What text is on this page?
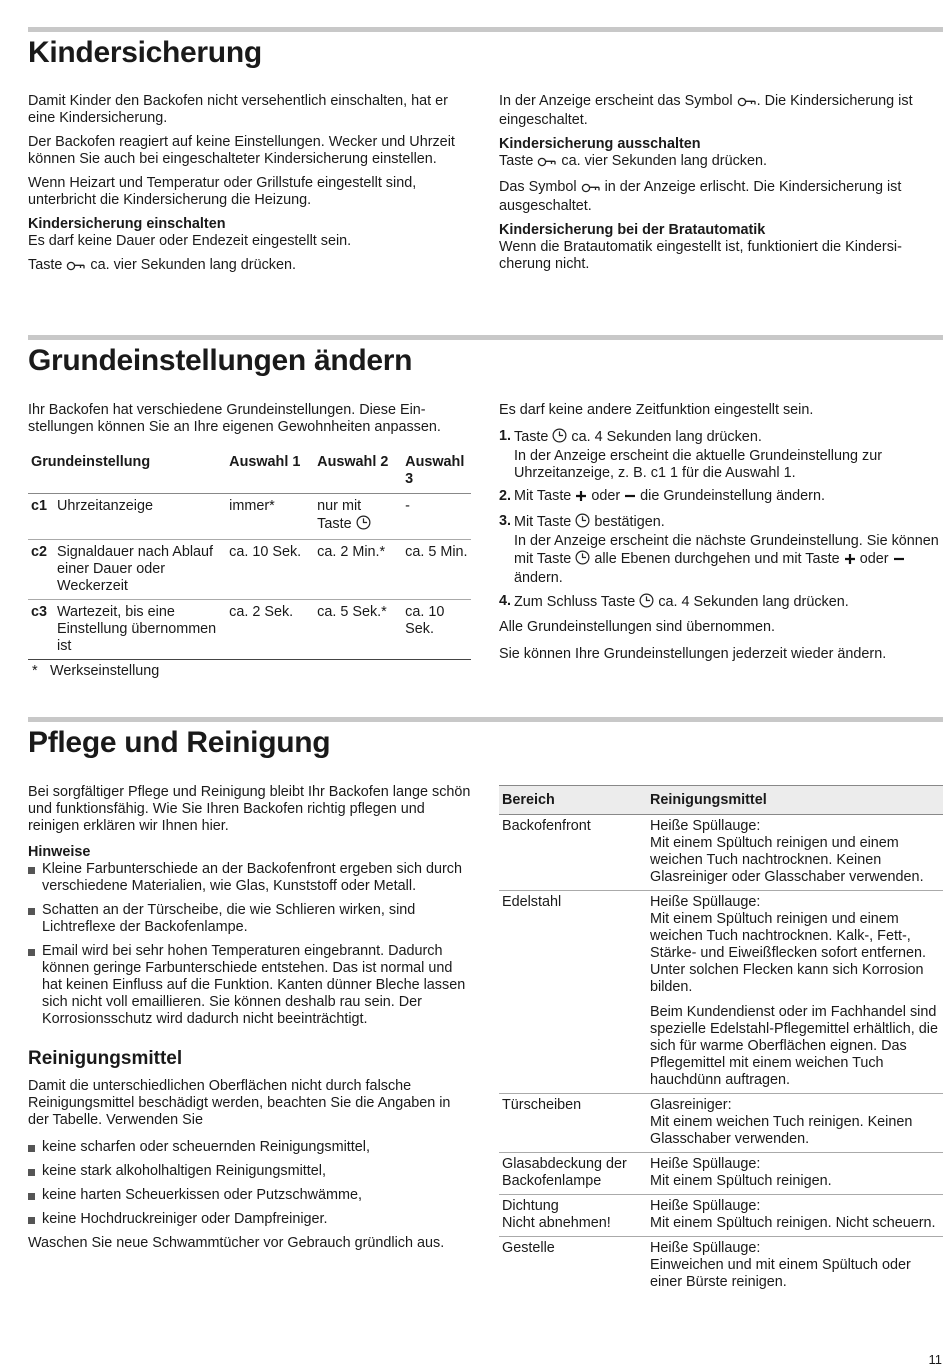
Kindersicherung

Damit Kinder den Backofen nicht versehentlich einschalten, hat er eine Kindersicherung.

Der Backofen reagiert auf keine Einstellungen. Wecker und Uhrzeit können Sie auch bei eingeschalteter Kindersicherung einstellen.

Wenn Heizart und Temperatur oder Grillstufe eingestellt sind, unterbricht die Kindersicherung die Heizung.

Kindersicherung einschalten

Es darf keine Dauer oder Endezeit eingestellt sein.

Taste ca. vier Sekunden lang drücken.

In der Anzeige erscheint das Symbol . Die Kindersicherung ist eingeschaltet.

Kindersicherung ausschalten

Taste ca. vier Sekunden lang drücken.

Das Symbol in der Anzeige erlischt. Die Kindersicherung ist ausgeschaltet.

Kindersicherung bei der Bratautomatik

Wenn die Bratautomatik eingestellt ist, funktioniert die Kindersicherung nicht.

Grundeinstellungen ändern

Ihr Backofen hat verschiedene Grundeinstellungen. Diese Einstellungen können Sie an Ihre eigenen Gewohnheiten anpassen.

Grundeinstellung		Auswahl 1	Auswahl 2	Auswahl 3
c1	Uhrzeitanzeige	immer*	nur mit Taste	-
c2	Signaldauer nach Ablauf einer Dauer oder Weckerzeit	ca. 10 Sek.	ca. 2 Min.*	ca. 5 Min.
c3	Wartezeit, bis eine Einstellung übernommen ist	ca. 2 Sek.	ca. 5 Sek.*	ca. 10 Sek.
* Werkseinstellung

Es darf keine andere Zeitfunktion eingestellt sein.

1. Taste ca. 4 Sekunden lang drücken.
In der Anzeige erscheint die aktuelle Grundeinstellung zur Uhrzeitanzeige, z. B. c1 1 für die Auswahl 1.
2. Mit Taste oder die Grundeinstellung ändern.
3. Mit Taste bestätigen.
In der Anzeige erscheint die nächste Grundeinstellung. Sie können mit Taste alle Ebenen durchgehen und mit Taste oder  ändern.
4. Zum Schluss Taste ca. 4 Sekunden lang drücken.

Alle Grundeinstellungen sind übernommen.

Sie können Ihre Grundeinstellungen jederzeit wieder ändern.

Pflege und Reinigung

Bei sorgfältiger Pflege und Reinigung bleibt Ihr Backofen lange schön und funktionsfähig. Wie Sie Ihren Backofen richtig pflegen und reinigen erklären wir Ihnen hier.

Hinweise
Kleine Farbunterschiede an der Backofenfront ergeben sich durch verschiedene Materialien, wie Glas, Kunststoff oder Metall.
Schatten an der Türscheibe, die wie Schlieren wirken, sind Lichtreflexe der Backofenlampe.
Email wird bei sehr hohen Temperaturen eingebrannt. Dadurch können geringe Farbunterschiede entstehen. Das ist normal und hat keinen Einfluss auf die Funktion. Kanten dünner Bleche lassen sich nicht voll emaillieren. Sie können deshalb rau sein. Der Korrosionsschutz wird dadurch nicht beeinträchtigt.
Reinigungsmittel

Damit die unterschiedlichen Oberflächen nicht durch falsche Reinigungsmittel beschädigt werden, beachten Sie die Angaben in der Tabelle. Verwenden Sie

keine scharfen oder scheuernden Reinigungsmittel,
keine stark alkoholhaltigen Reinigungsmittel,
keine harten Scheuerkissen oder Putzschwämme,
keine Hochdruckreiniger oder Dampfreiniger.

Waschen Sie neue Schwammtücher vor Gebrauch gründlich aus.

Bereich	Reinigungsmittel
Backofenfront	Heiße Spüllauge:
Mit einem Spültuch reinigen und einem weichen Tuch nachtrocknen. Keinen Glasreiniger oder Glasschaber verwenden.

Edelstahl	Heiße Spüllauge:
Mit einem Spültuch reinigen und einem weichen Tuch nachtrocknen. Kalk-, Fett-, Stärke- und Eiweißflecken sofort entfernen. Unter solchen Flecken kann sich Korrosion bilden.

Beim Kundendienst oder im Fachhandel sind spezielle Edelstahl-Pflegemittel erhältlich, die sich für warme Oberflächen eignen. Das Pflegemittel mit einem weichen Tuch hauchdünn auftragen.

Türscheiben	Glasreiniger:
Mit einem weichen Tuch reinigen. Keinen Glasschaber verwenden.

Glasabdeckung der Backofenlampe	Heiße Spüllauge:
Mit einem Spültuch reinigen.

Dichtung
Nicht abnehmen!	Heiße Spüllauge:
Mit einem Spültuch reinigen. Nicht scheuern.

Gestelle	Heiße Spüllauge:
Einweichen und mit einem Spültuch oder einer Bürste reinigen.

11
